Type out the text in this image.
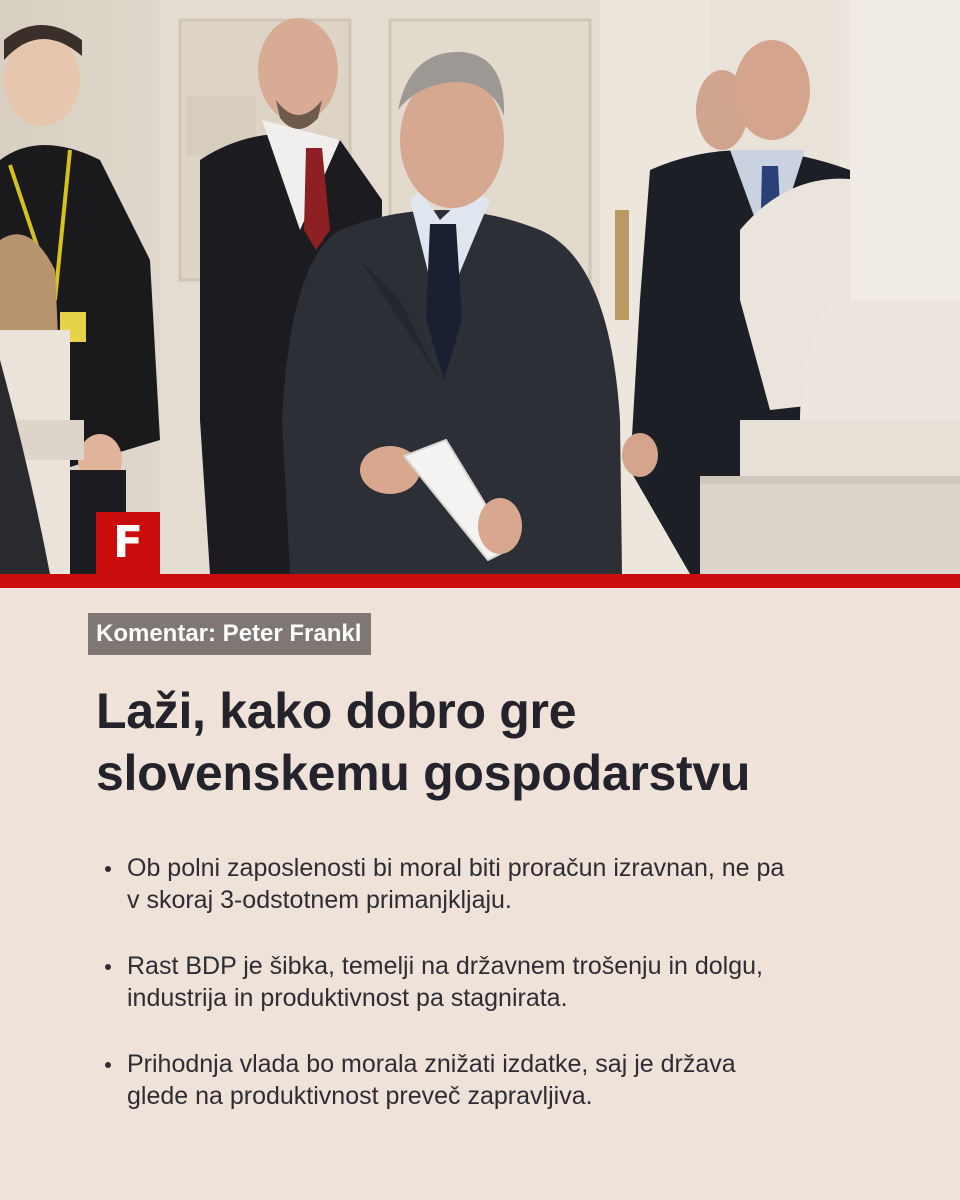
F
Komentar: Peter Frankl
Laži, kako dobro gre
slovenskemu gospodarstvu
Ob polni zaposlenosti bi moral biti proračun izravnan, ne pa
v skoraj 3-odstotnem primanjkljaju.
Rast BDP je šibka, temelji na državnem trošenju in dolgu,
industrija in produktivnost pa stagnirata.
Prihodnja vlada bo morala znižati izdatke, saj je država
glede na produktivnost preveč zapravljiva.
